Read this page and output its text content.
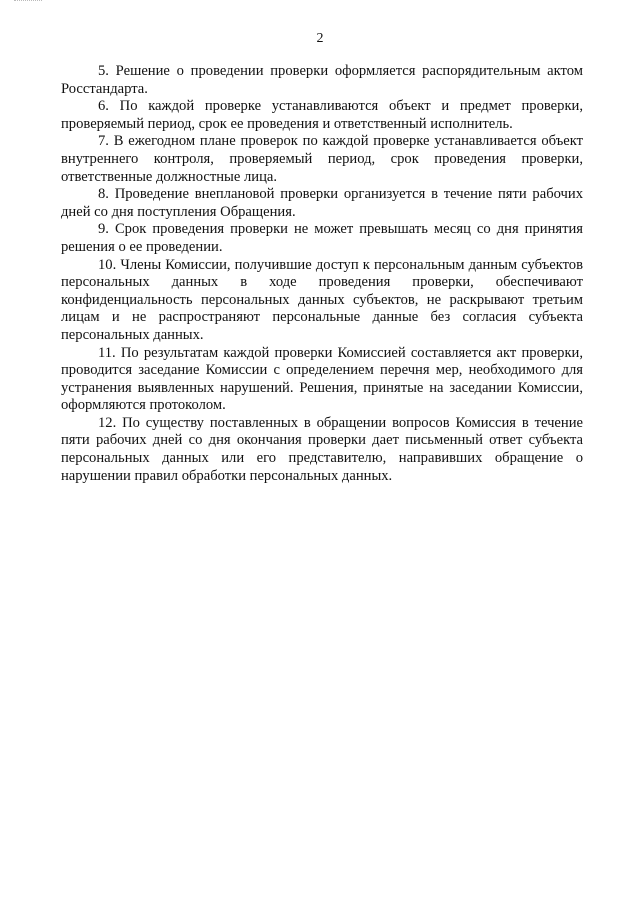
2

5. Решение о проведении проверки оформляется распорядительным актом Росстандарта.

6. По каждой проверке устанавливаются объект и предмет проверки, проверяемый период, срок ее проведения и ответственный исполнитель.

7. В ежегодном плане проверок по каждой проверке устанавливается объект внутреннего контроля, проверяемый период, срок проведения проверки, ответственные должностные лица.

8. Проведение внеплановой проверки организуется в течение пяти рабочих дней со дня поступления Обращения.

9. Срок проведения проверки не может превышать месяц со дня принятия решения о ее проведении.

10. Члены Комиссии, получившие доступ к персональным данным субъектов персональных данных в ходе проведения проверки, обеспечивают конфиденциальность персональных данных субъектов, не раскрывают третьим лицам и не распространяют персональные данные без согласия субъекта персональных данных.

11. По результатам каждой проверки Комиссией составляется акт проверки, проводится заседание Комиссии с определением перечня мер, необходимого для устранения выявленных нарушений. Решения, принятые на заседании Комиссии, оформляются протоколом.

12. По существу поставленных в обращении вопросов Комиссия в течение пяти рабочих дней со дня окончания проверки дает письменный ответ субъекта персональных данных или его представителю, направивших обращение о нарушении правил обработки персональных данных.
